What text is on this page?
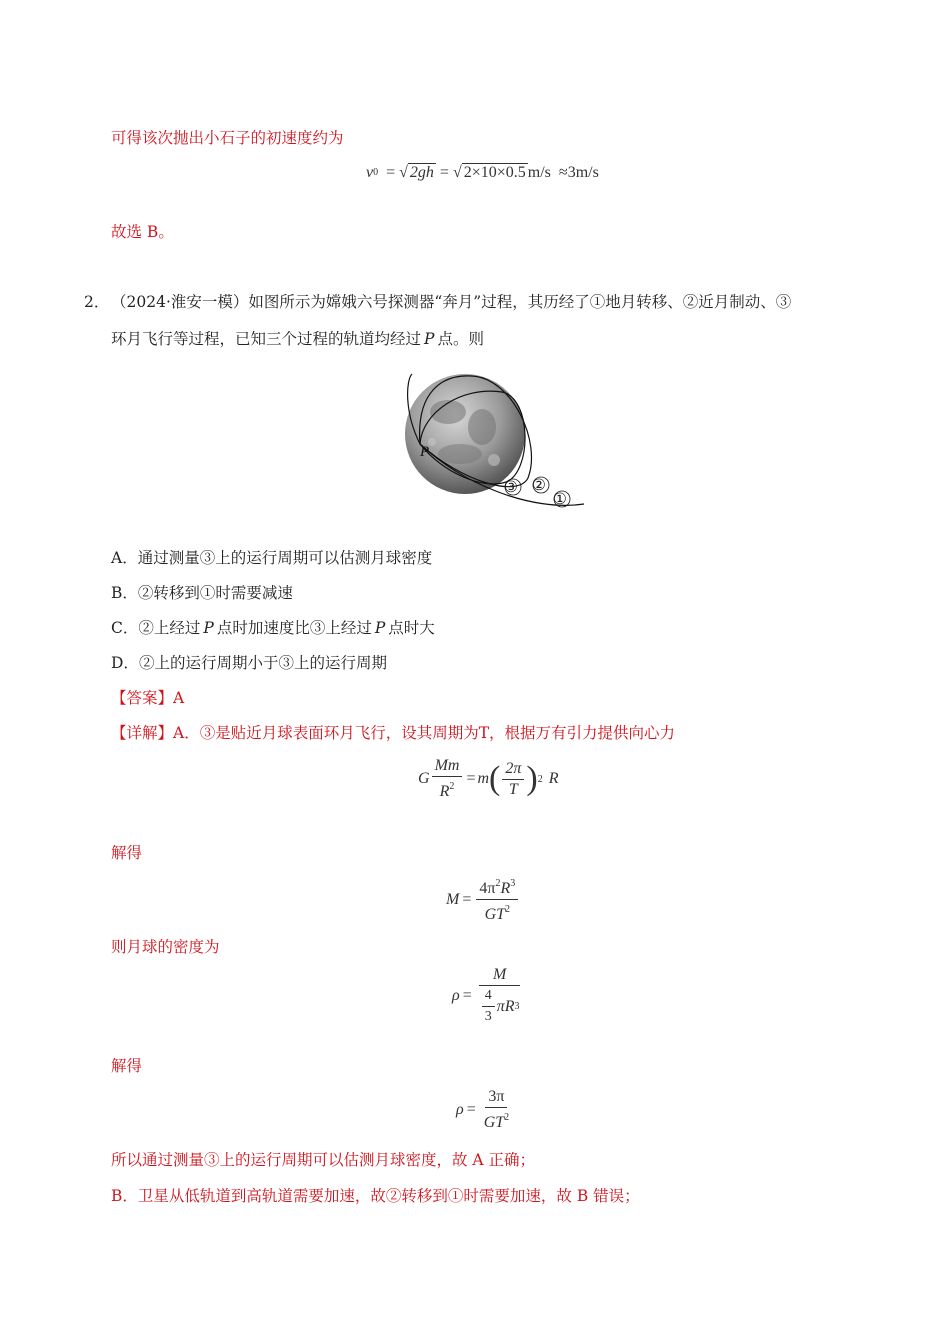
可得该次抛出小石子的初速度约为
v 0 = √ 2gh = √ 2×10×0.5 m/s ≈3m/s
故选 B。
2． （2024·淮安一模）如图所示为嫦娥六号探测器“奔月”过程，其历经了①地月转移、②近月制动、③
环月飞行等过程，已知三个过程的轨道均经过 P 点。则
P
③ ②
①
A．通过测量③上的运行周期可以估测月球密度
B．②转移到①时需要减速
C．②上经过 P 点时加速度比③上经过 P 点时大
D．②上的运行周期小于③上的运行周期
【答案】A
【详解】A．③是贴近月球表面环月飞行，设其周期为T，根据万有引力提供向心力
G $\frac{Mm}{R^2} = m$ ( $\frac{2\pi}{T}$ ) 2 R
解得
$M = \frac{4\pi^2R^3}{GT^2}$
则月球的密度为
$\rho = \frac{M}{\frac{4}{3} \pi R 3}$
解得
$\rho = \frac{3\pi}{GT^2}$
所以通过测量③上的运行周期可以估测月球密度，故 A 正确；
B．卫星从低轨道到高轨道需要加速，故②转移到①时需要加速，故 B 错误；
